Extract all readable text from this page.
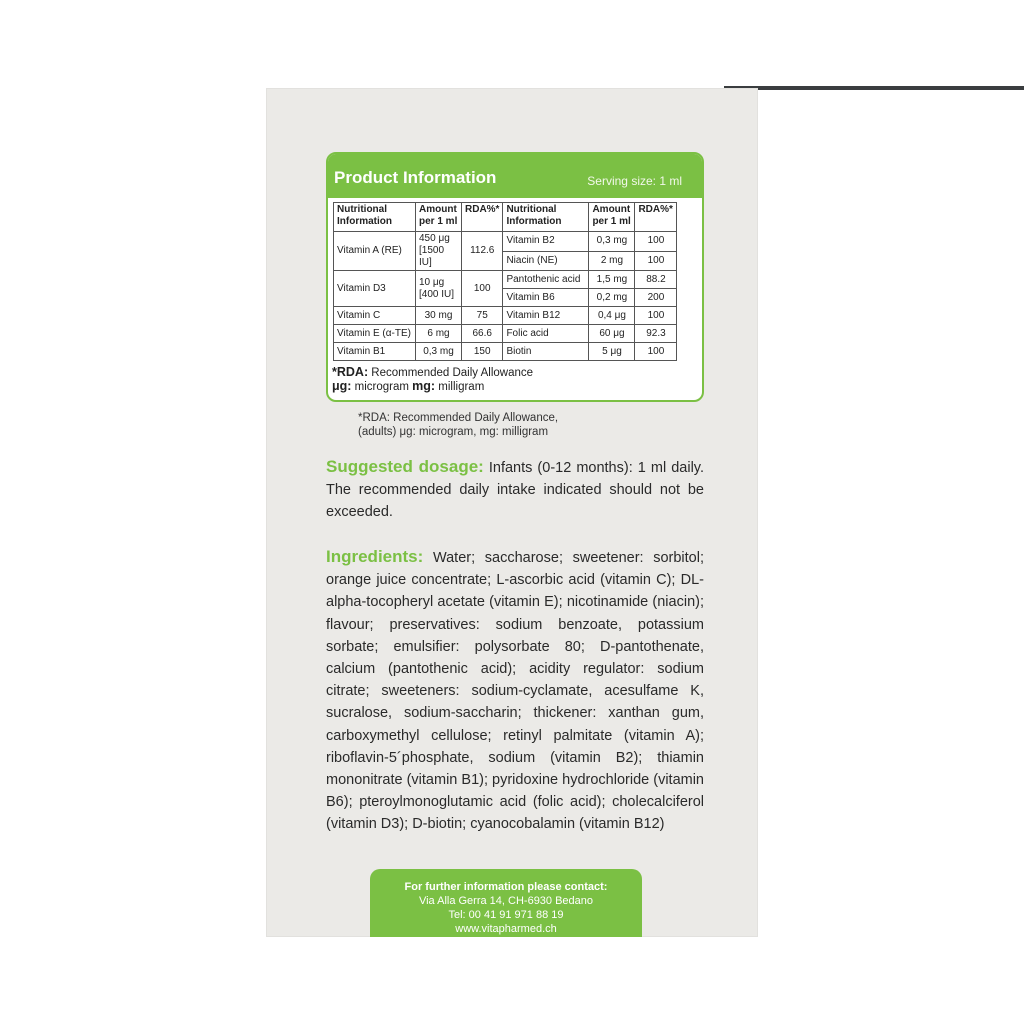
Product Information	Serving size: 1 ml
Nutritional Information	Amount per 1 ml	RDA%*	Nutritional Information	Amount per 1 ml	RDA%*
Vitamin A (RE)	450 μg [1500 IU]	112.6	Vitamin B2	0,3 mg	100
			Niacin (NE)	2 mg	100
Vitamin D3	10 μg [400 IU]	100	Pantothenic acid	1,5 mg	88.2
			Vitamin B6	0,2 mg	200
Vitamin C	30 mg	75	Vitamin B12	0,4 μg	100
Vitamin E (α-TE)	6 mg	66.6	Folic acid	60 μg	92.3
Vitamin B1	0,3 mg	150	Biotin	5 μg	100
*RDA: Recommended Daily Allowance
μg: microgram mg: milligram
*RDA: Recommended Daily Allowance,
(adults) μg: microgram, mg: milligram
Suggested dosage: Infants (0-12 months): 1 ml daily. The recommended daily intake indicated should not be exceeded.
Ingredients: Water; saccharose; sweetener: sorbitol; orange juice concentrate; L-ascorbic acid (vitamin C); DL-alpha-tocopheryl acetate (vitamin E); nicotinamide (niacin); flavour; preservatives: sodium benzoate, potassium sorbate; emulsifier: polysorbate 80; D-pantothenate, calcium (pantothenic acid); acidity regulator: sodium citrate; sweeteners: sodium-cyclamate, acesulfame K, sucralose, sodium-saccharin; thickener: xanthan gum, carboxymethyl cellulose; retinyl palmitate (vitamin A); riboflavin-5´phosphate, sodium (vitamin B2); thiamin mononitrate (vitamin B1); pyridoxine hydrochloride (vitamin B6); pteroylmonoglutamic acid (folic acid); cholecalciferol (vitamin D3); D-biotin; cyanocobalamin (vitamin B12)
For further information please contact:
Via Alla Gerra 14, CH-6930 Bedano
Tel: 00 41 91 971 88 19
www.vitapharmed.ch
